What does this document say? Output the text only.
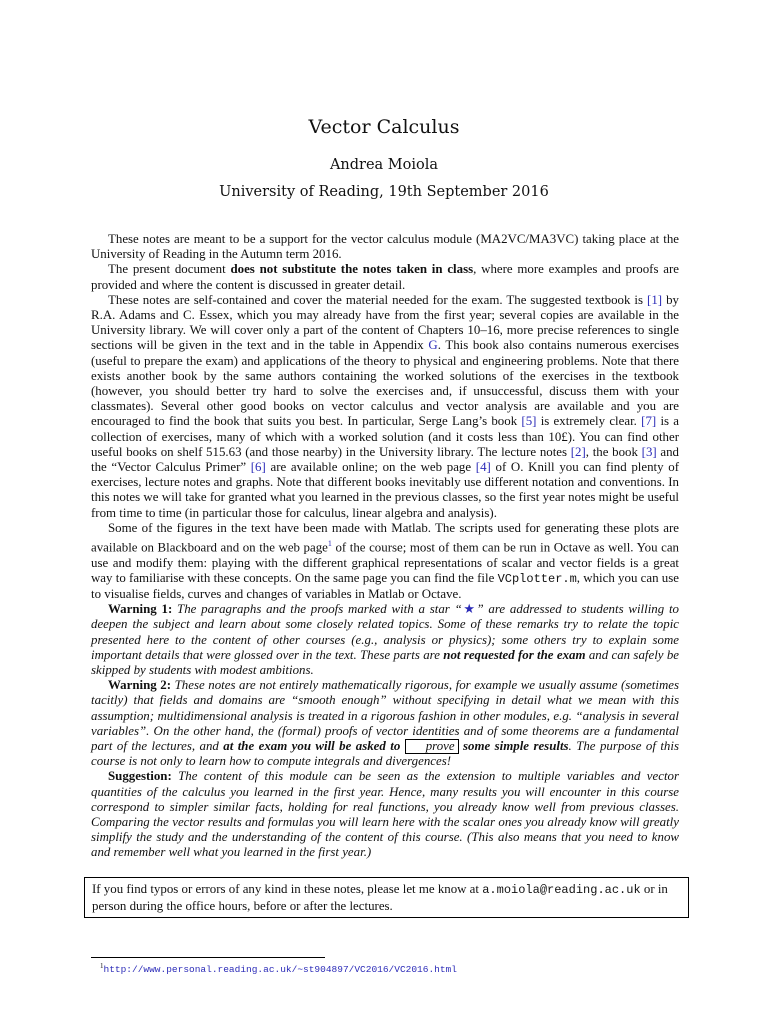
Vector Calculus
Andrea Moiola
University of Reading, 19th September 2016

These notes are meant to be a support for the vector calculus module (MA2VC/MA3VC) taking place at the University of Reading in the Autumn term 2016.

The present document does not substitute the notes taken in class, where more examples and proofs are provided and where the content is discussed in greater detail.

These notes are self-contained and cover the material needed for the exam. The suggested textbook is [1] by R.A. Adams and C. Essex, which you may already have from the first year; several copies are available in the University library. We will cover only a part of the content of Chapters 10–16, more precise references to single sections will be given in the text and in the table in Appendix G. This book also contains numerous exercises (useful to prepare the exam) and applications of the theory to physical and engineering problems. Note that there exists another book by the same authors containing the worked solutions of the exercises in the textbook (however, you should better try hard to solve the exercises and, if unsuccessful, discuss them with your classmates). Several other good books on vector calculus and vector analysis are available and you are encouraged to find the book that suits you best. In particular, Serge Lang’s book [5] is extremely clear. [7] is a collection of exercises, many of which with a worked solution (and it costs less than 10£). You can find other useful books on shelf 515.63 (and those nearby) in the University library. The lecture notes [2], the book [3] and the “Vector Calculus Primer” [6] are available online; on the web page [4] of O. Knill you can find plenty of exercises, lecture notes and graphs. Note that different books inevitably use different notation and conventions. In this notes we will take for granted what you learned in the previous classes, so the first year notes might be useful from time to time (in particular those for calculus, linear algebra and analysis).

Some of the figures in the text have been made with Matlab. The scripts used for generating these plots are available on Blackboard and on the web page$^1$ of the course; most of them can be run in Octave as well. You can use and modify them: playing with the different graphical representations of scalar and vector fields is a great way to familiarise with these concepts. On the same page you can find the file VCplotter.m, which you can use to visualise fields, curves and changes of variables in Matlab or Octave.

Warning 1: The paragraphs and the proofs marked with a star “★” are addressed to students willing to deepen the subject and learn about some closely related topics. Some of these remarks try to relate the topic presented here to the content of other courses (e.g., analysis or physics); some others try to explain some important details that were glossed over in the text. These parts are not requested for the exam and can safely be skipped by students with modest ambitions.

Warning 2: These notes are not entirely mathematically rigorous, for example we usually assume (sometimes tacitly) that fields and domains are “smooth enough” without specifying in detail what we mean with this assumption; multidimensional analysis is treated in a rigorous fashion in other modules, e.g. “analysis in several variables”. On the other hand, the (formal) proofs of vector identities and of some theorems are a fundamental part of the lectures, and at the exam you will be asked to prove some simple results. The purpose of this course is not only to learn how to compute integrals and divergences!

Suggestion: The content of this module can be seen as the extension to multiple variables and vector quantities of the calculus you learned in the first year. Hence, many results you will encounter in this course correspond to simpler similar facts, holding for real functions, you already know well from previous classes. Comparing the vector results and formulas you will learn here with the scalar ones you already know will greatly simplify the study and the understanding of the content of this course. (This also means that you need to know and remember well what you learned in the first year.)

If you find typos or errors of any kind in these notes, please let me know at a.moiola@reading.ac.uk or in person during the office hours, before or after the lectures.
$^1$http://www.personal.reading.ac.uk/~st904897/VC2016/VC2016.html
